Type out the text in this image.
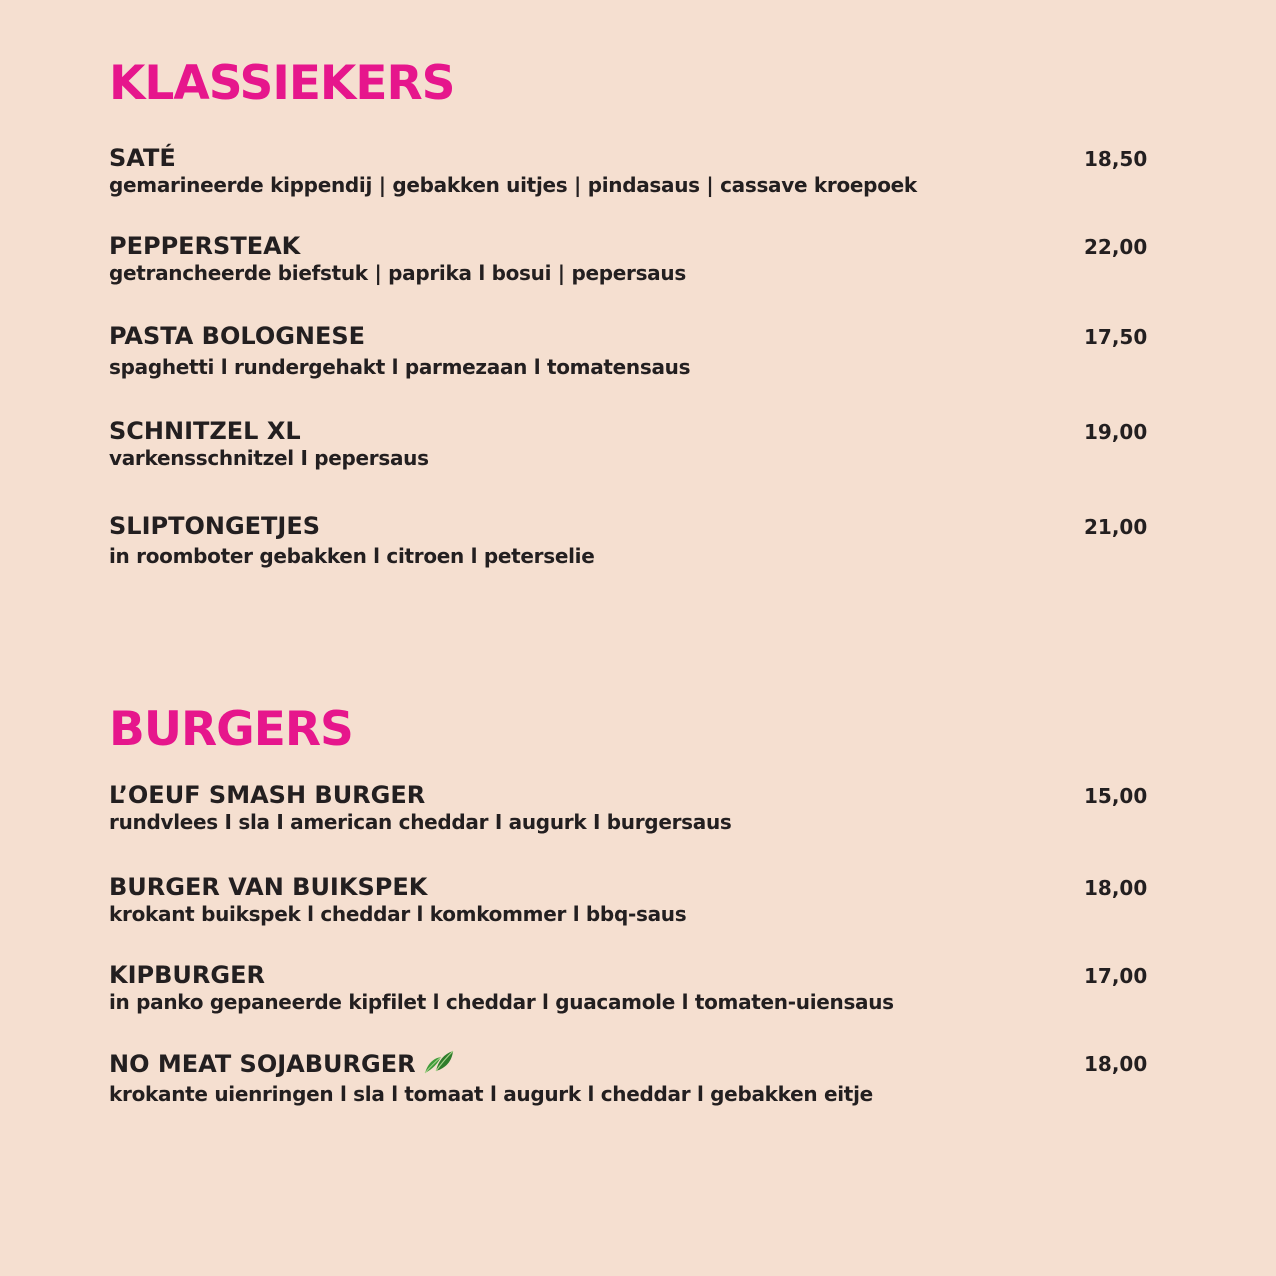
KLASSIEKERS
SATÉ
gemarineerde kippendij | gebakken uitjes | pindasaus | cassave kroepoek
18,50
PEPPERSTEAK
getrancheerde biefstuk | paprika l bosui | pepersaus
22,00
PASTA BOLOGNESE
spaghetti l rundergehakt l parmezaan l tomatensaus
17,50
SCHNITZEL XL
varkensschnitzel I pepersaus
19,00
SLIPTONGETJES
in roomboter gebakken l citroen l peterselie
21,00
BURGERS
L’OEUF SMASH BURGER
rundvlees I sla I american cheddar I augurk I burgersaus
15,00
BURGER VAN BUIKSPEK
krokant buikspek l cheddar l komkommer l bbq-saus
18,00
KIPBURGER
in panko gepaneerde kipfilet l cheddar l guacamole l tomaten-uiensaus
17,00
NO MEAT SOJABURGER
krokante uienringen l sla l tomaat l augurk l cheddar l gebakken eitje
18,00
